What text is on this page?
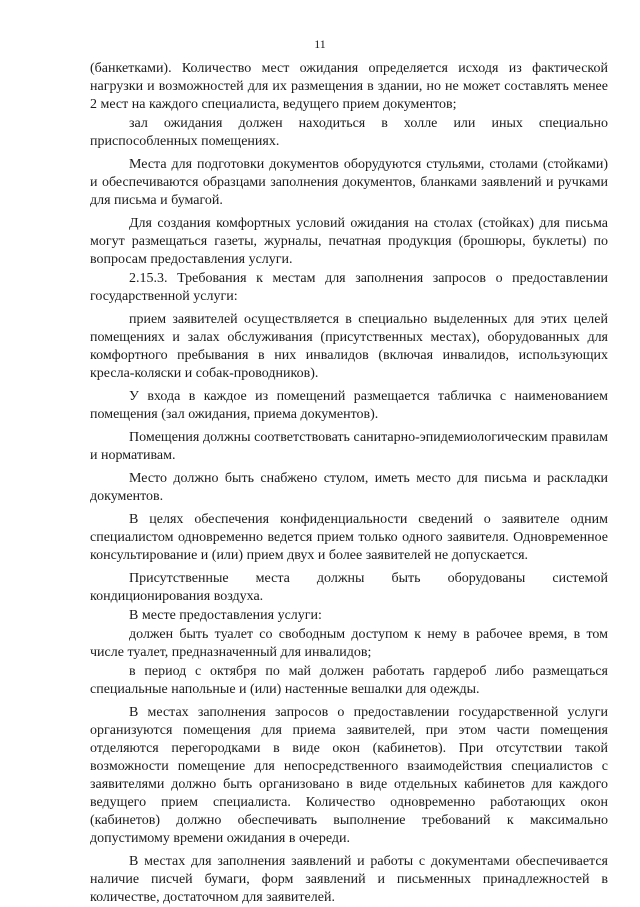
11

(банкетками). Количество мест ожидания определяется исходя из фактической нагрузки и возможностей для их размещения в здании, но не может составлять менее 2 мест на каждого специалиста, ведущего прием документов;

зал ожидания должен находиться в холле или иных специально приспособленных помещениях.

Места для подготовки документов оборудуются стульями, столами (стойками) и обеспечиваются образцами заполнения документов, бланками заявлений и ручками для письма и бумагой.

Для создания комфортных условий ожидания на столах (стойках) для письма могут размещаться газеты, журналы, печатная продукция (брошюры, буклеты) по вопросам предоставления услуги.

2.15.3. Требования к местам для заполнения запросов о предоставлении государственной услуги:

прием заявителей осуществляется в специально выделенных для этих целей помещениях и залах обслуживания (присутственных местах), оборудованных для комфортного пребывания в них инвалидов (включая инвалидов, использующих кресла-коляски и собак-проводников).

У входа в каждое из помещений размещается табличка с наименованием помещения (зал ожидания, приема документов).

Помещения должны соответствовать санитарно-эпидемиологическим правилам и нормативам.

Место должно быть снабжено стулом, иметь место для письма и раскладки документов.

В целях обеспечения конфиденциальности сведений о заявителе одним специалистом одновременно ведется прием только одного заявителя. Одновременное консультирование и (или) прием двух и более заявителей не допускается.

Присутственные места должны быть оборудованы системой кондиционирования воздуха.

В месте предоставления услуги:

должен быть туалет со свободным доступом к нему в рабочее время, в том числе туалет, предназначенный для инвалидов;

в период с октября по май должен работать гардероб либо размещаться специальные напольные и (или) настенные вешалки для одежды.

В местах заполнения запросов о предоставлении государственной услуги организуются помещения для приема заявителей, при этом части помещения отделяются перегородками в виде окон (кабинетов). При отсутствии такой возможности помещение для непосредственного взаимодействия специалистов с заявителями должно быть организовано в виде отдельных кабинетов для каждого ведущего прием специалиста. Количество одновременно работающих окон (кабинетов) должно обеспечивать выполнение требований к максимально допустимому времени ожидания в очереди.

В местах для заполнения заявлений и работы с документами обеспечивается наличие писчей бумаги, форм заявлений и письменных принадлежностей в количестве, достаточном для заявителей.
